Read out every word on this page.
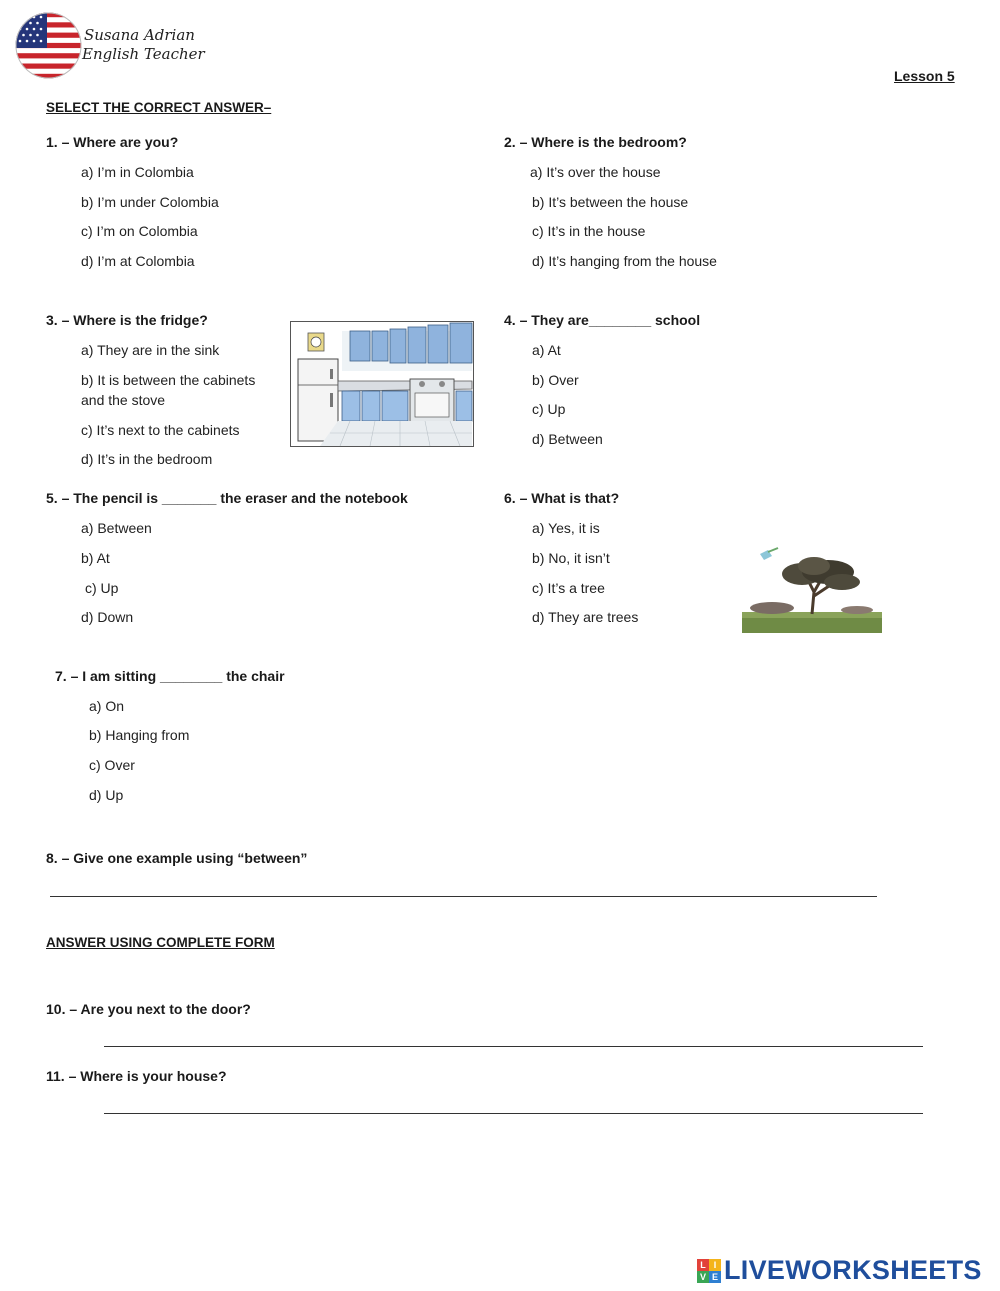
Susana Adrian
English Teacher
Lesson 5
SELECT THE CORRECT ANSWER–
1. – Where are you?
a) I’m in Colombia
b) I’m under Colombia
c) I’m on Colombia
d) I’m at Colombia
2. – Where is the bedroom?
a) It’s over the house
b) It’s between the house
c) It’s in the house
d) It’s hanging from the house
3. – Where is the fridge?
a) They are in the sink
b) It is between the cabinets
and the stove
c) It’s next to the cabinets
d) It’s in the bedroom
4. – They are________ school
a) At
b) Over
c) Up
d) Between
5. – The pencil is _______ the eraser and the notebook
a) Between
b) At
c) Up
d) Down
6. – What is that?
a) Yes, it is
b) No, it isn’t
c) It’s a tree
d) They are trees
7. – I am sitting ________ the chair
a) On
b) Hanging from
c) Over
d) Up
8. – Give one example using “between”
ANSWER USING COMPLETE FORM
10. – Are you next to the door?
11. – Where is your house?
L I
V E LIVEWORKSHEETS
